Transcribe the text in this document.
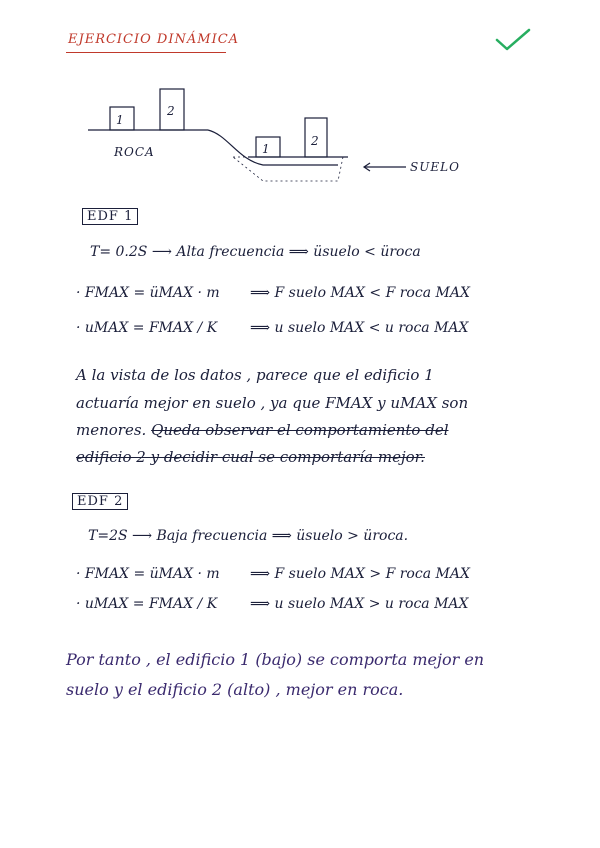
EJERCICIO DINÁMICA
1
2
1
2
ROCA
SUELO
EDF 1
T= 0.2S ⟶ Alta frecuencia ⟹ üsuelo < üroca
· FMAX = üMAX · m ⟹ F suelo MAX < F roca MAX
· uMAX = FMAX / K ⟹ u suelo MAX < u roca MAX
A la vista de los datos , parece que el edificio 1
actuaría mejor en suelo , ya que FMAX y uMAX son
menores. Queda observar el comportamiento del
edificio 2 y decidir cual se comportaría mejor.
EDF 2
T=2S ⟶ Baja frecuencia ⟹ üsuelo > üroca.
· FMAX = üMAX · m ⟹ F suelo MAX > F roca MAX
· uMAX = FMAX / K ⟹ u suelo MAX > u roca MAX
Por tanto , el edificio 1 (bajo) se comporta mejor en
suelo y el edificio 2 (alto) , mejor en roca.
